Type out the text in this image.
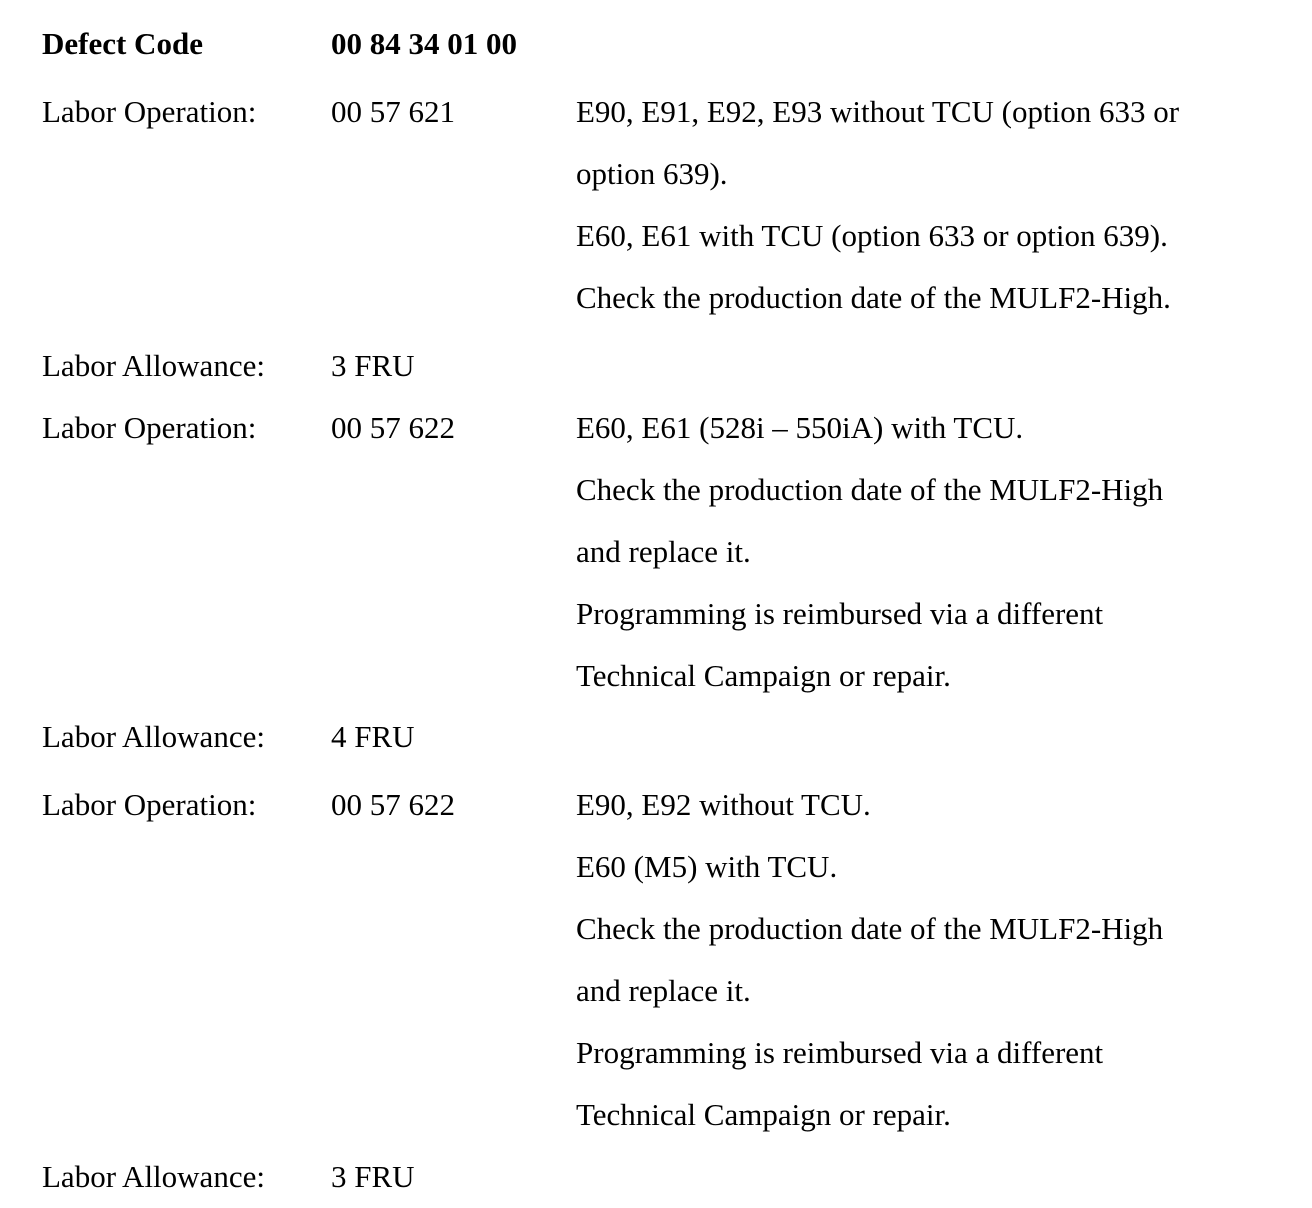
Defect Code	00 84 34 01 00
Labor Operation: 00 57 621	E90, E91, E92, E93 without TCU (option 633 or
option 639).
E60, E61 with TCU (option 633 or option 639).
Check the production date of the MULF2-High.
Labor Allowance: 3 FRU
Labor Operation: 00 57 622	E60, E61 (528i – 550iA) with TCU.
Check the production date of the MULF2-High
and replace it.
Programming is reimbursed via a different
Technical Campaign or repair.
Labor Allowance: 4 FRU
Labor Operation: 00 57 622	E90, E92 without TCU.
E60 (M5) with TCU.
Check the production date of the MULF2-High
and replace it.
Programming is reimbursed via a different
Technical Campaign or repair.
Labor Allowance: 3 FRU
